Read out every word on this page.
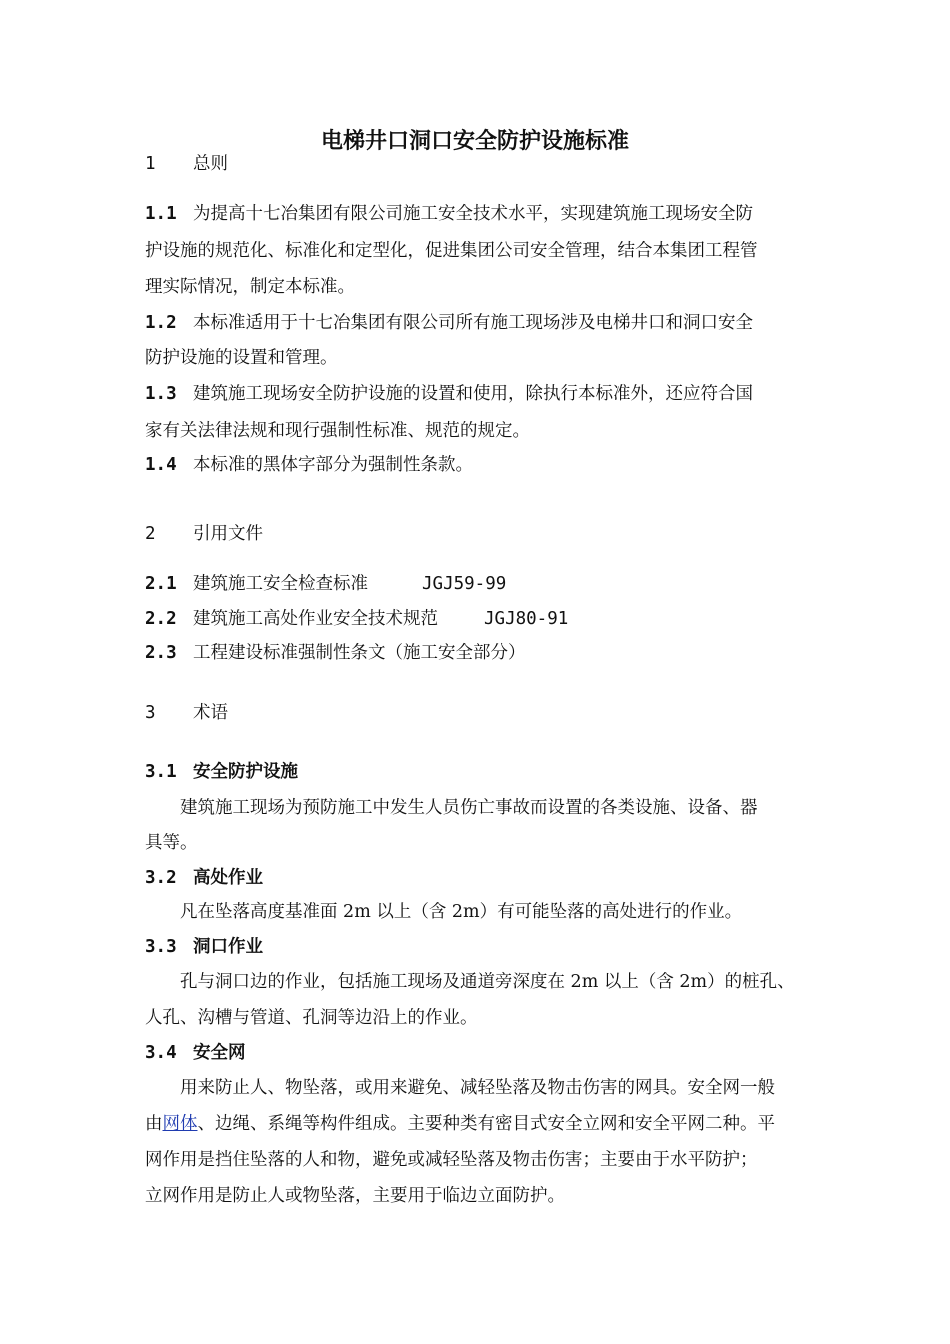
电梯井口洞口安全防护设施标准
1 总则
1.1 为提高十七冶集团有限公司施工安全技术水平，实现建筑施工现场安全防
护设施的规范化、标准化和定型化，促进集团公司安全管理，结合本集团工程管
理实际情况，制定本标准。
1.2 本标准适用于十七冶集团有限公司所有施工现场涉及电梯井口和洞口安全
防护设施的设置和管理。
1.3 建筑施工现场安全防护设施的设置和使用，除执行本标准外，还应符合国
家有关法律法规和现行强制性标准、规范的规定。
1.4 本标准的黑体字部分为强制性条款。
2 引用文件
2.1 建筑施工安全检查标准	JGJ59-99
2.2 建筑施工高处作业安全技术规范	JGJ80-91
2.3 工程建设标准强制性条文（施工安全部分）
3 术语
3.1 安全防护设施
建筑施工现场为预防施工中发生人员伤亡事故而设置的各类设施、设备、器
具等。
3.2 高处作业
凡在坠落高度基准面 2m 以上（含 2m）有可能坠落的高处进行的作业。
3.3 洞口作业
孔与洞口边的作业，包括施工现场及通道旁深度在 2m 以上（含 2m）的桩孔、
人孔、沟槽与管道、孔洞等边沿上的作业。
3.4 安全网
用来防止人、物坠落，或用来避免、减轻坠落及物击伤害的网具。安全网一般
由网体、边绳、系绳等构件组成。主要种类有密目式安全立网和安全平网二种。平
网作用是挡住坠落的人和物，避免或减轻坠落及物击伤害；主要由于水平防护；
立网作用是防止人或物坠落，主要用于临边立面防护。
